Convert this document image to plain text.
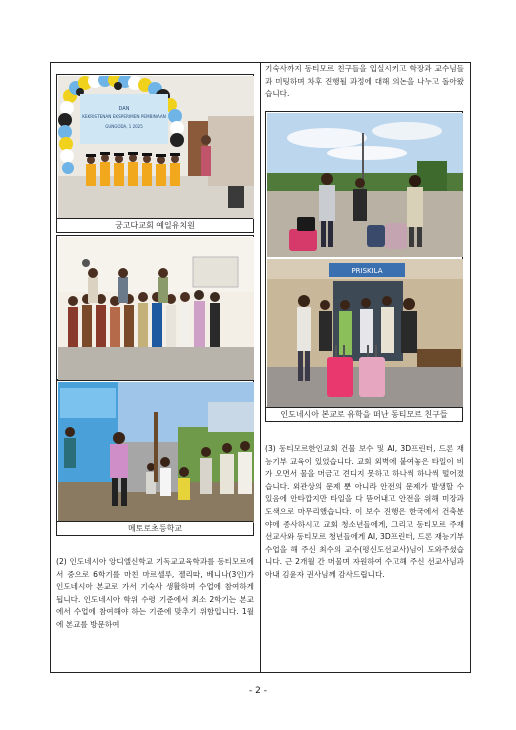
DAN
KEKRISTENAN EKSPERIMEN PEMBINAAN
GUNGODA, 1 2025
궁고다교회 예일유치원
메토로초등학교

(2) 인도네시아 앙디엘신학교 기독교교육학과를 동티모르에서 중으로 6학기를 마친 마르셀루, 젤리따, 베니나(3인)가 인도네시아 본교로 가서 기숙사 생활하며 수업에 참여하게 됩니다. 인도네시아 학위 수령 기준에서 최소 2학기는 본교에서 수업에 참여해야 하는 기준에 맞추기 위함입니다. 1월에 본교를 방문하여

기숙사까지 동티모르 친구들을 입실시키고 학장과 교수님들과 미팅하며 차후 진행될 과정에 대해 의논을 나누고 돌아왔습니다.

PRISKILA
인도네시아 본교로 유학을 떠난 동티모르 친구들

(3) 동티모르한인교회 건물 보수 및 AI, 3D프린터, 드론 재능기부 교육이 있었습니다. 교회 외벽에 붙여놓은 타일이 비가 오면서 물을 머금고 견디지 못하고 하나씩 하나씩 떨어졌습니다. 외관상의 문제 뿐 아니라 안전의 문제가 발생할 수 있음에 안타깝지만 타일을 다 뜯어내고 안전을 위해 미장과 도색으로 마무리했습니다. 이 보수 진행은 한국에서 건축분야에 종사하시고 교회 청소년들에게, 그리고 동티모르 주재 선교사와 동티모르 청년들에게 AI, 3D프린터, 드론 재능기부 수업을 해 주신 최수의 교수(평신도선교사)님이 도와주셨습니다. 근 2개월 간 머물며 자원하여 수고해 주신 선교사님과 아내 김윤자 권사님께 감사드립니다.

- 2 -
